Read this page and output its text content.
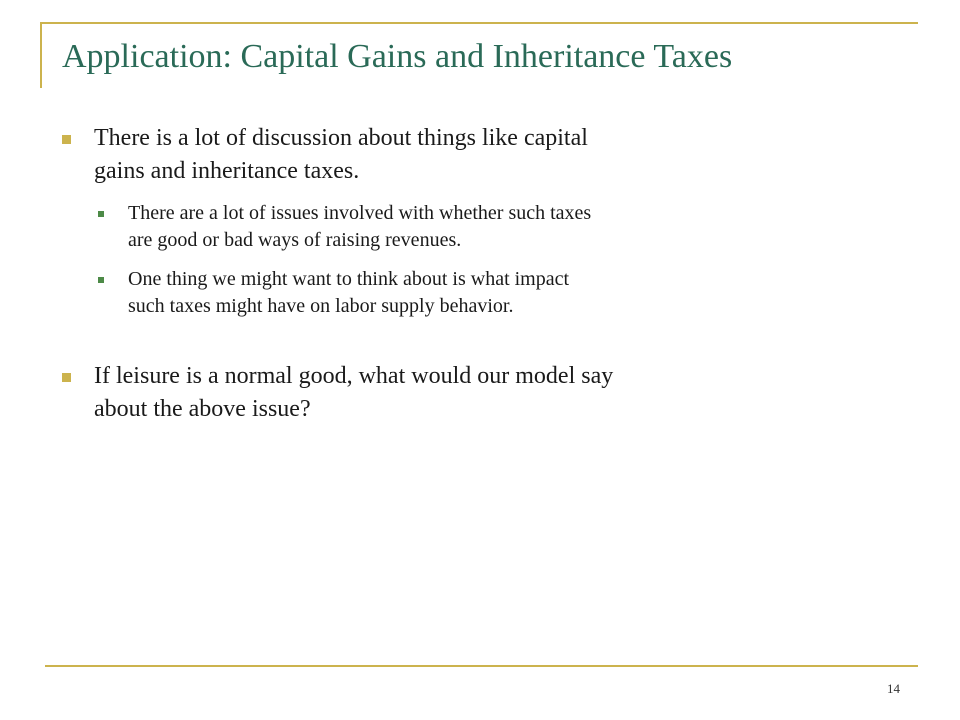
Application: Capital Gains and Inheritance Taxes
There is a lot of discussion about things like capital gains and inheritance taxes.
There are a lot of issues involved with whether such taxes are good or bad ways of raising revenues.
One thing we might want to think about is what impact such taxes might have on labor supply behavior.
If leisure is a normal good, what would our model say about the above issue?
14
